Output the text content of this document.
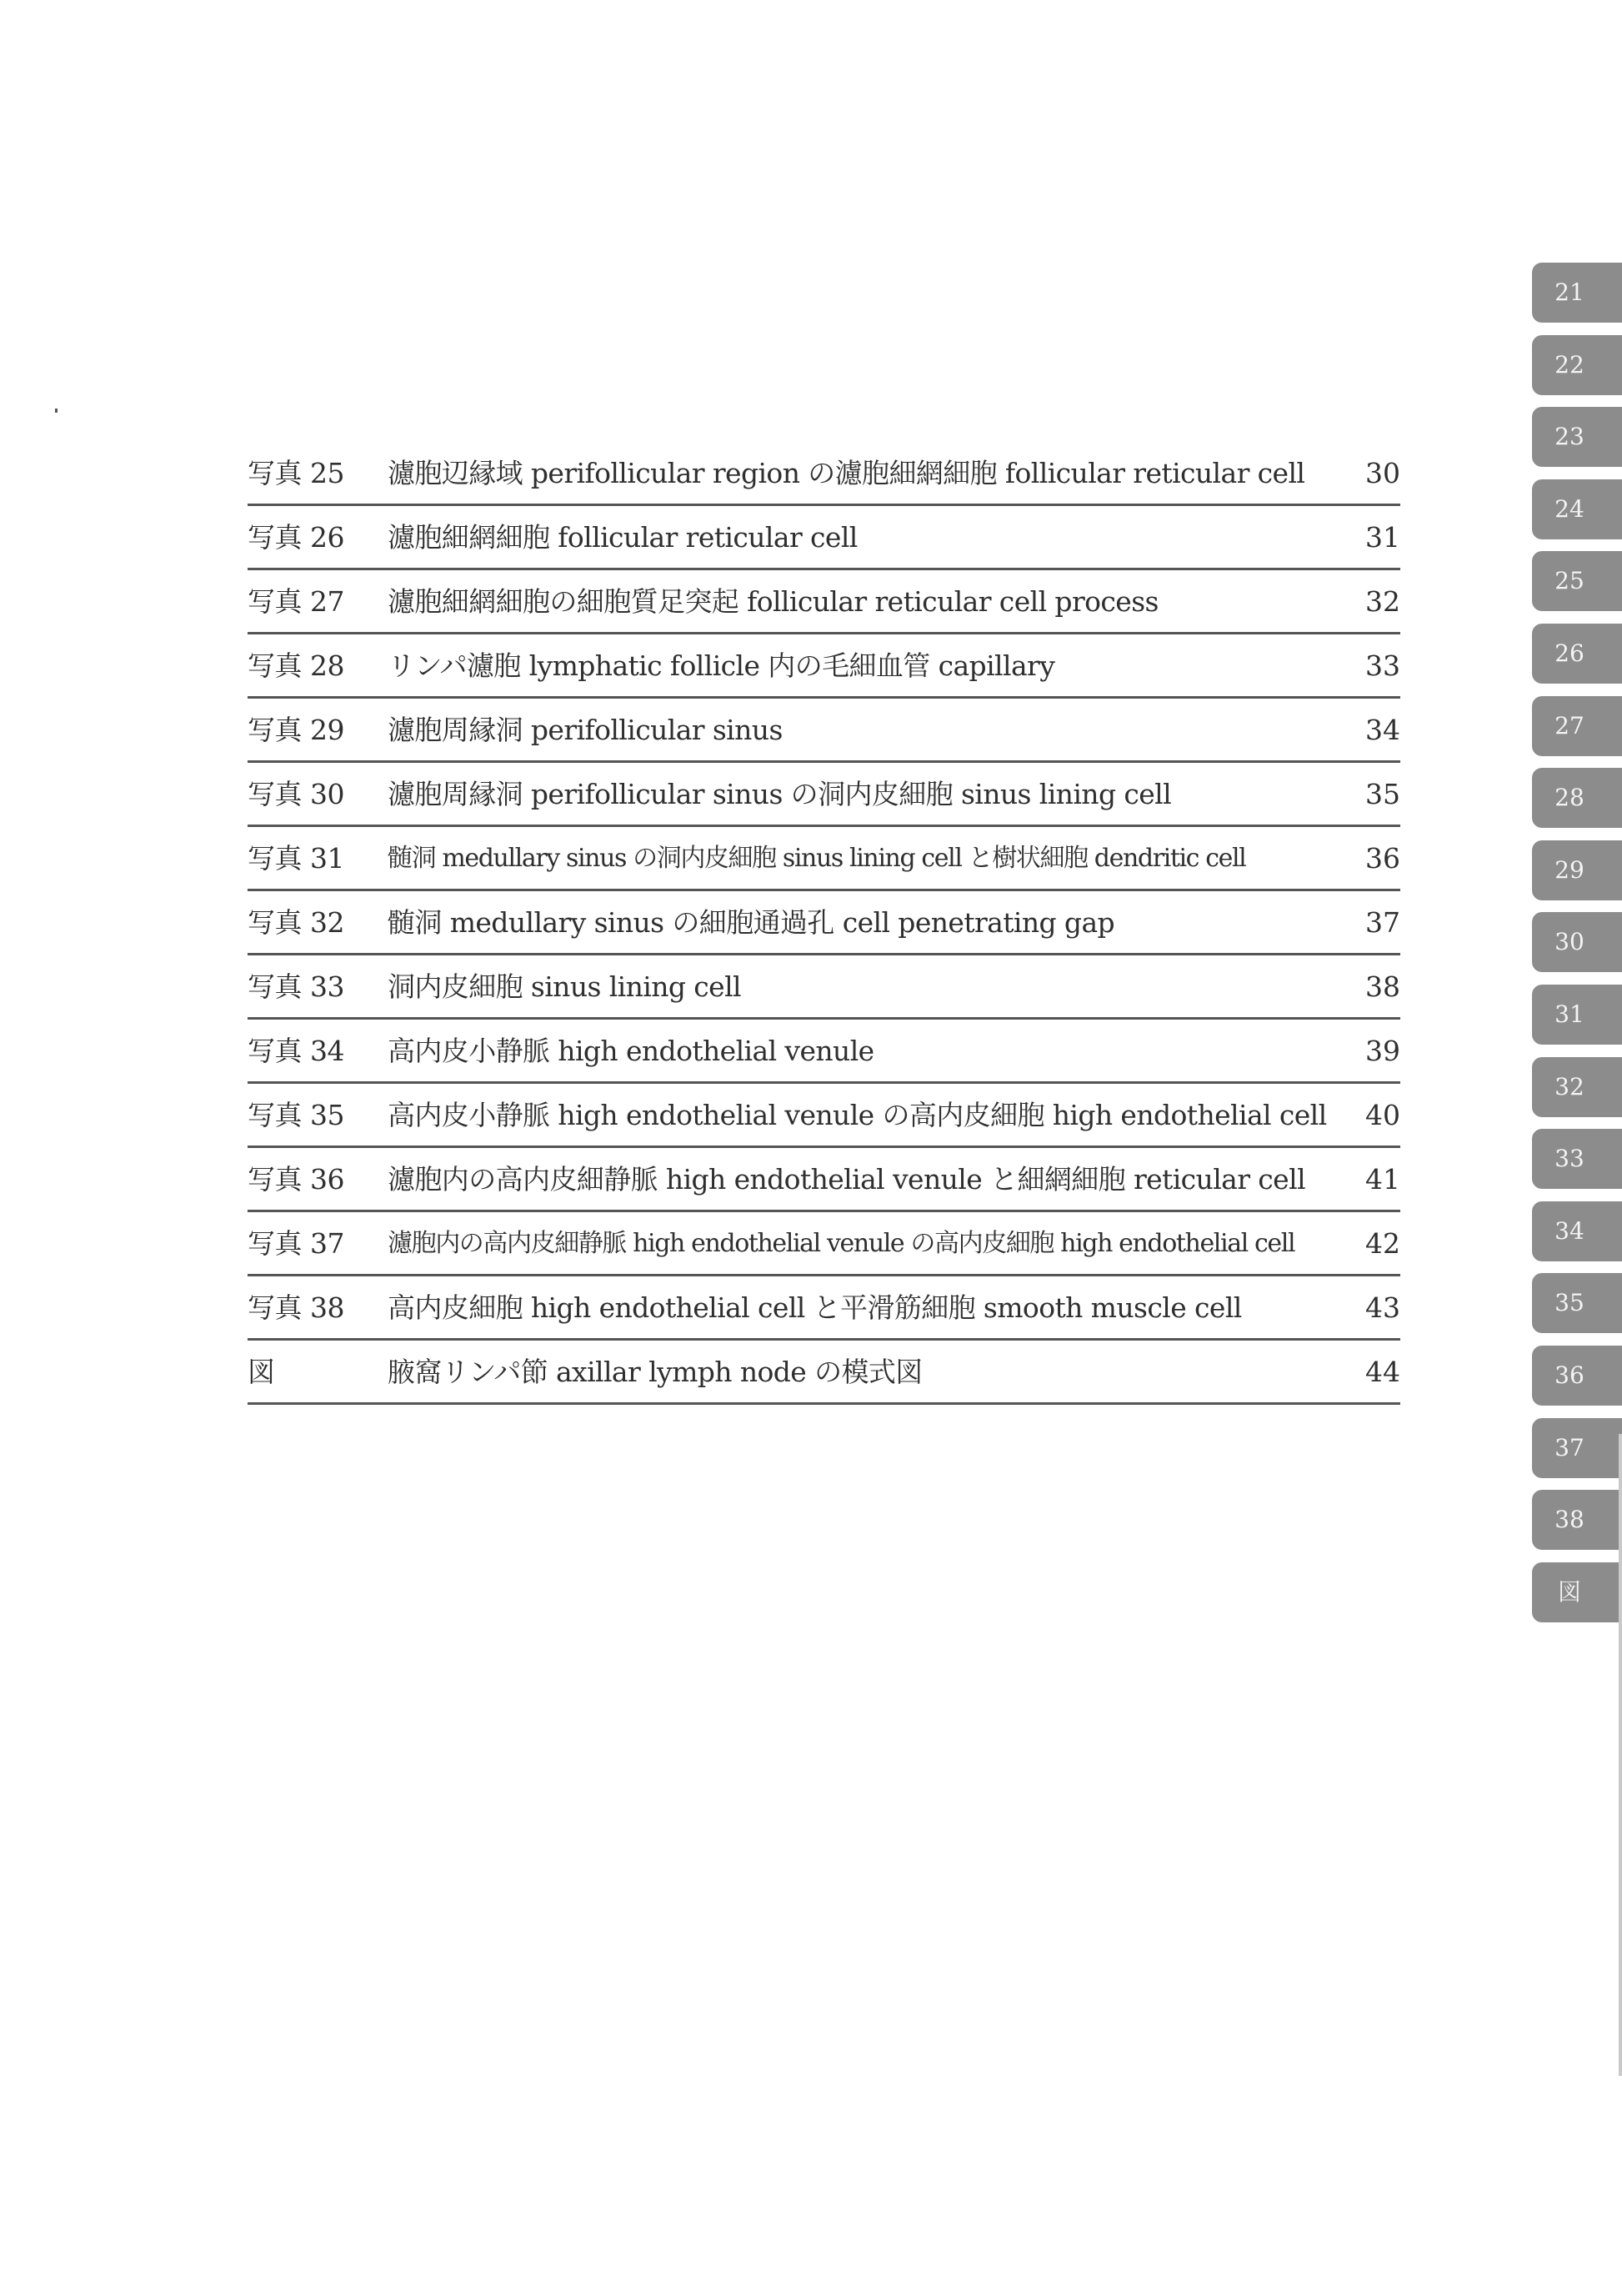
写真 25 濾胞辺縁域 perifollicular region の濾胞細網細胞 follicular reticular cell 30
写真 26 濾胞細網細胞 follicular reticular cell	31
写真 27 濾胞細網細胞の細胞質足突起 follicular reticular cell process	32
写真 28 リンパ濾胞 lymphatic follicle 内の毛細血管 capillary	33
写真 29 濾胞周縁洞 perifollicular sinus	34
写真 30 濾胞周縁洞 perifollicular sinus の洞内皮細胞 sinus lining cell	35
写真 31 髄洞 medullary sinus の洞内皮細胞 sinus lining cell と樹状細胞 dendritic cell	36
写真 32 髄洞 medullary sinus の細胞通過孔 cell penetrating gap	37
写真 33 洞内皮細胞 sinus lining cell	38
写真 34 高内皮小静脈 high endothelial venule	39
写真 35 高内皮小静脈 high endothelial venule の高内皮細胞 high endothelial cell 40
写真 36 濾胞内の高内皮細静脈 high endothelial venule と細網細胞 reticular cell 41
写真 37 濾胞内の高内皮細静脈 high endothelial venule の高内皮細胞 high endothelial cell	42
写真 38 高内皮細胞 high endothelial cell と平滑筋細胞 smooth muscle cell	43
図	腋窩リンパ節 axillar lymph node の模式図	44
21
22
23
24
25
26
27
28
29
30
31
32
33
34
35
36
37
38
図
